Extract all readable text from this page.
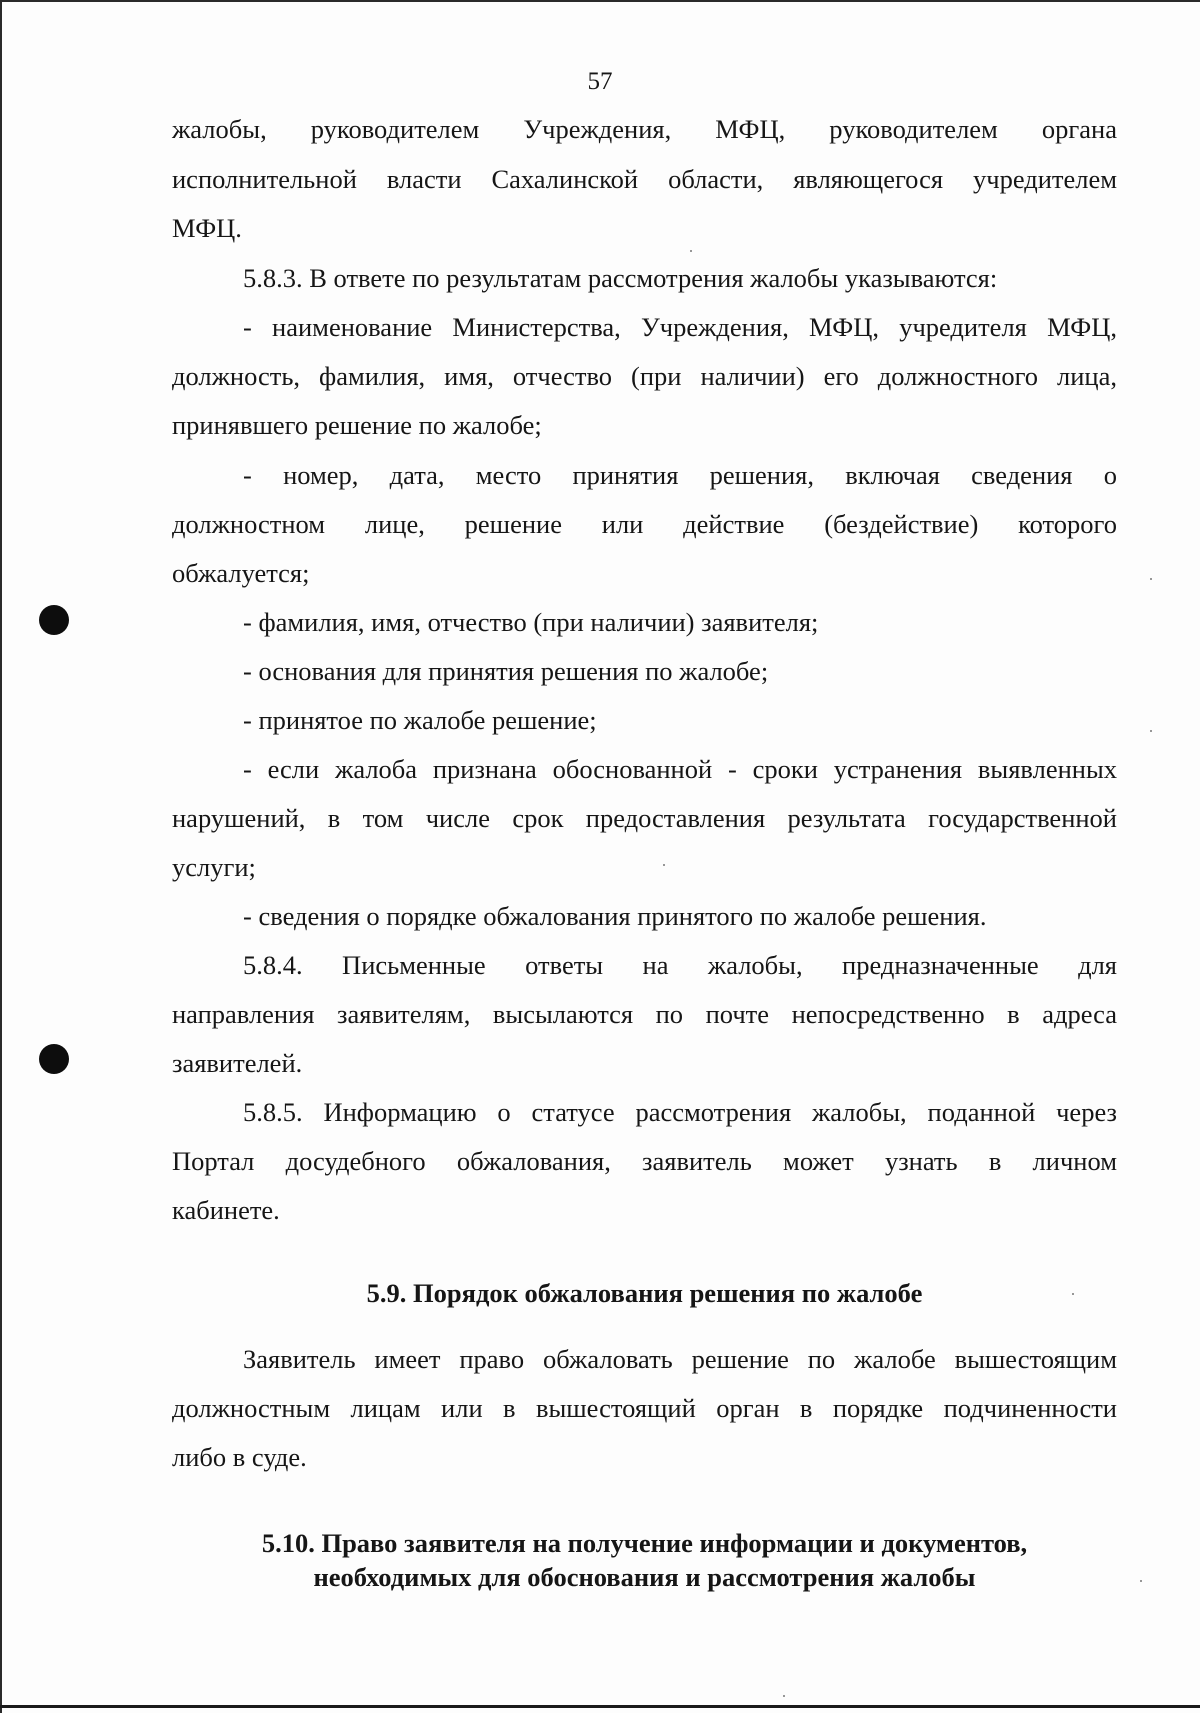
57
жалобы, руководителем Учреждения, МФЦ, руководителем органа
исполнительной власти Сахалинской области, являющегося учредителем
МФЦ.
5.8.3. В ответе по результатам рассмотрения жалобы указываются:
- наименование Министерства, Учреждения, МФЦ, учредителя МФЦ,
должность, фамилия, имя, отчество (при наличии) его должностного лица,
принявшего решение по жалобе;
- номер, дата, место принятия решения, включая сведения о
должностном лице, решение или действие (бездействие) которого
обжалуется;
- фамилия, имя, отчество (при наличии) заявителя;
- основания для принятия решения по жалобе;
- принятое по жалобе решение;
- если жалоба признана обоснованной - сроки устранения выявленных
нарушений, в том числе срок предоставления результата государственной
услуги;
- сведения о порядке обжалования принятого по жалобе решения.
5.8.4. Письменные ответы на жалобы, предназначенные для
направления заявителям, высылаются по почте непосредственно в адреса
заявителей.
5.8.5. Информацию о статусе рассмотрения жалобы, поданной через
Портал досудебного обжалования, заявитель может узнать в личном
кабинете.
5.9. Порядок обжалования решения по жалобе
Заявитель имеет право обжаловать решение по жалобе вышестоящим
должностным лицам или в вышестоящий орган в порядке подчиненности
либо в суде.
5.10. Право заявителя на получение информации и документов,
необходимых для обоснования и рассмотрения жалобы
